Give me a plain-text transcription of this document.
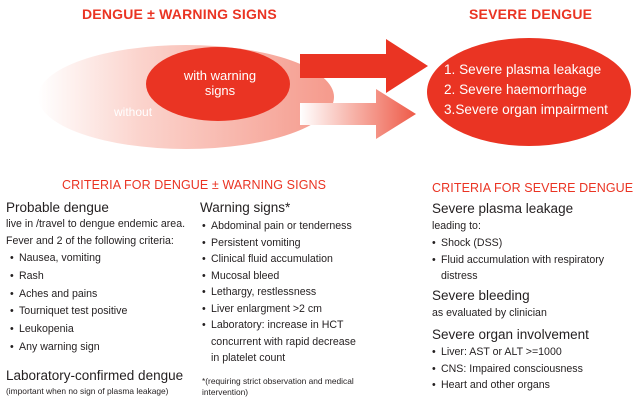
DENGUE ± WARNING SIGNS	SEVERE DENGUE
with warning
signs
without
1. Severe plasma leakage
2. Severe haemorrhage
3.Severe organ impairment
CRITERIA FOR DENGUE ± WARNING SIGNS
Probable dengue
live in /travel to dengue endemic area.
Fever and 2 of the following criteria:
• Nausea, vomiting
• Rash
• Aches and pains
• Tourniquet test positive
• Leukopenia
• Any warning sign
Laboratory-confirmed dengue
(important when no sign of plasma leakage)
Warning signs*
• Abdominal pain or tenderness
• Persistent vomiting
• Clinical fluid accumulation
• Mucosal bleed
• Lethargy, restlessness
• Liver enlargment >2 cm
• Laboratory: increase in HCT
concurrent with rapid decrease
in platelet count
*(requiring strict observation and medical
intervention)
CRITERIA FOR SEVERE DENGUE
Severe plasma leakage
leading to:
• Shock (DSS)
• Fluid accumulation with respiratory
distress
Severe bleeding
as evaluated by clinician
Severe organ involvement
• Liver: AST or ALT >=1000
• CNS: Impaired consciousness
• Heart and other organs
